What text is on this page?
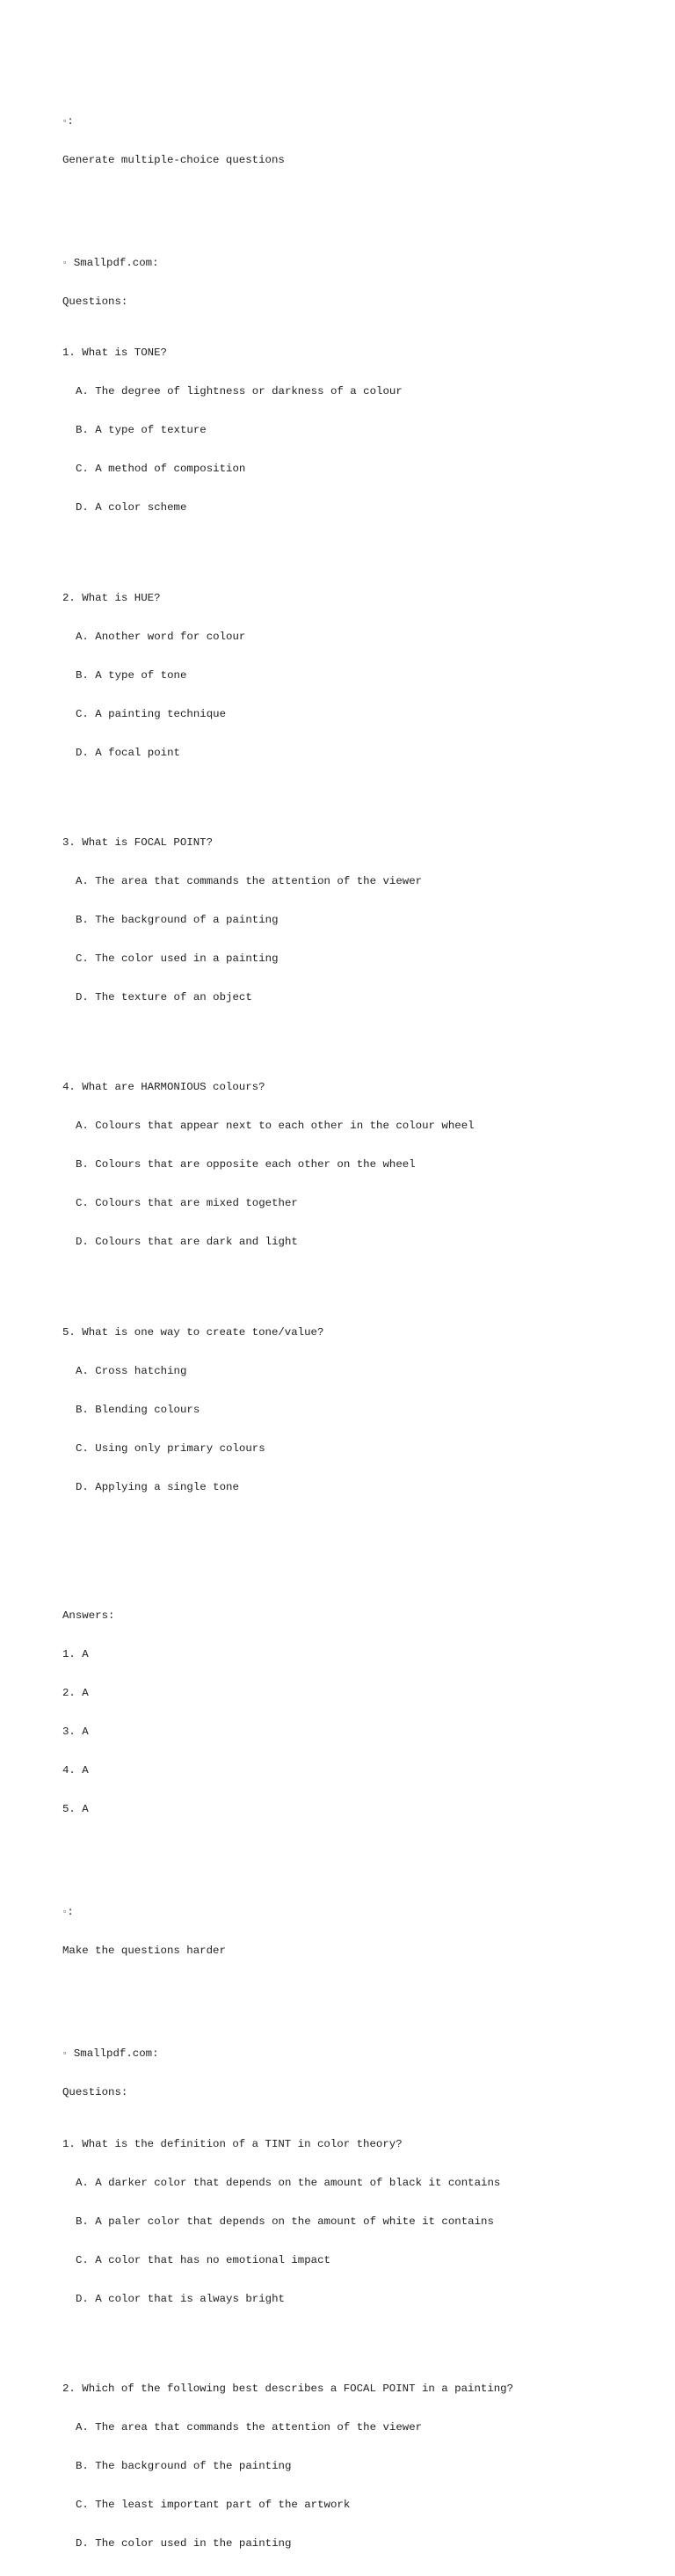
▫:

Generate multiple-choice questions

▫ Smallpdf.com:

Questions:

1. What is TONE?

A. The degree of lightness or darkness of a colour

B. A type of texture

C. A method of composition

D. A color scheme

2. What is HUE?

A. Another word for colour

B. A type of tone

C. A painting technique

D. A focal point

3. What is FOCAL POINT?

A. The area that commands the attention of the viewer

B. The background of a painting

C. The color used in a painting

D. The texture of an object

4. What are HARMONIOUS colours?

A. Colours that appear next to each other in the colour wheel

B. Colours that are opposite each other on the wheel

C. Colours that are mixed together

D. Colours that are dark and light

5. What is one way to create tone/value?

A. Cross hatching

B. Blending colours

C. Using only primary colours

D. Applying a single tone

Answers:

1. A

2. A

3. A

4. A

5. A

▫:

Make the questions harder

▫ Smallpdf.com:

Questions:

1. What is the definition of a TINT in color theory?

A. A darker color that depends on the amount of black it contains

B. A paler color that depends on the amount of white it contains

C. A color that has no emotional impact

D. A color that is always bright

2. Which of the following best describes a FOCAL POINT in a painting?

A. The area that commands the attention of the viewer

B. The background of the painting

C. The least important part of the artwork

D. The color used in the painting
